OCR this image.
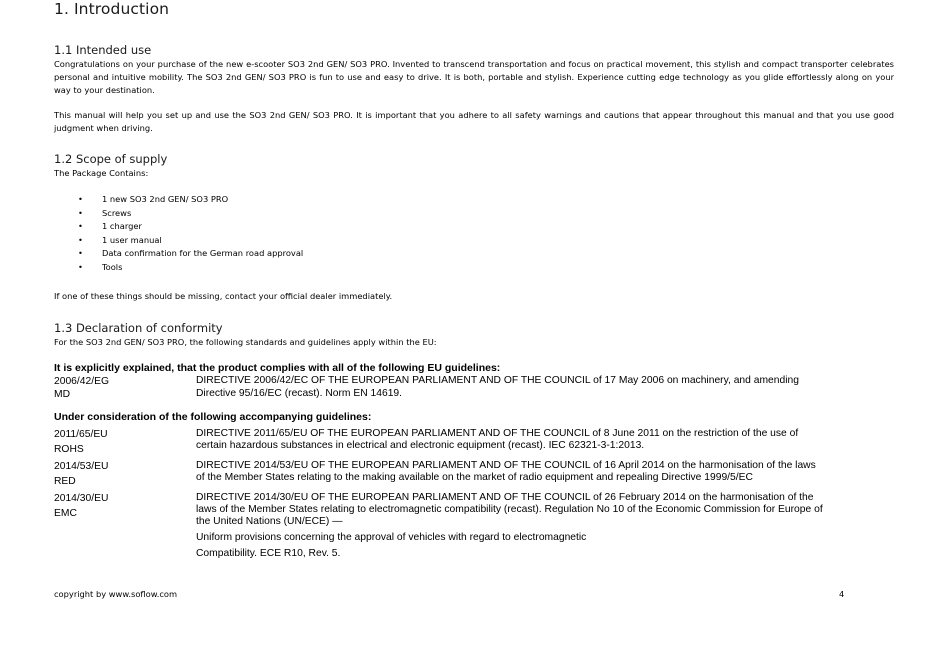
1. Introduction
1.1 Intended use

Congratulations on your purchase of the new e-scooter SO3 2nd GEN/ SO3 PRO. Invented to transcend transportation and focus on practical movement, this stylish and compact transporter celebrates personal and intuitive mobility. The SO3 2nd GEN/ SO3 PRO is fun to use and easy to drive. It is both, portable and stylish. Experience cutting edge technology as you glide effortlessly along on your way to your destination.

This manual will help you set up and use the SO3 2nd GEN/ SO3 PRO. It is important that you adhere to all safety warnings and cautions that appear throughout this manual and that you use good judgment when driving.

1.2 Scope of supply
The Package Contains:
• 1 new SO3 2nd GEN/ SO3 PRO
• Screws
• 1 charger
• 1 user manual
• Data confirmation for the German road approval
• Tools
If one of these things should be missing, contact your official dealer immediately.
1.3 Declaration of conformity
For the SO3 2nd GEN/ SO3 PRO, the following standards and guidelines apply within the EU:
It is explicitly explained, that the product complies with all of the following EU guidelines:
2006/42/EG
MD
DIRECTIVE 2006/42/EC OF THE EUROPEAN PARLIAMENT AND OF THE COUNCIL of 17 May 2006 on machinery, and amending Directive 95/16/EC (recast). Norm EN 14619.
Under consideration of the following accompanying guidelines:
2011/65/EU
ROHS
DIRECTIVE 2011/65/EU OF THE EUROPEAN PARLIAMENT AND OF THE COUNCIL of 8 June 2011 on the restriction of the use of certain hazardous substances in electrical and electronic equipment (recast). IEC 62321-3-1:2013.
2014/53/EU
RED
DIRECTIVE 2014/53/EU OF THE EUROPEAN PARLIAMENT AND OF THE COUNCIL of 16 April 2014 on the harmonisation of the laws of the Member States relating to the making available on the market of radio equipment and repealing Directive 1999/5/EC
2014/30/EU
EMC
DIRECTIVE 2014/30/EU OF THE EUROPEAN PARLIAMENT AND OF THE COUNCIL of 26 February 2014 on the harmonisation of the laws of the Member States relating to electromagnetic compatibility (recast). Regulation No 10 of the Economic Commission for Europe of the United Nations (UN/ECE) —
Uniform provisions concerning the approval of vehicles with regard to electromagnetic
Compatibility. ECE R10, Rev. 5.
copyright by www.soflow.com	4
